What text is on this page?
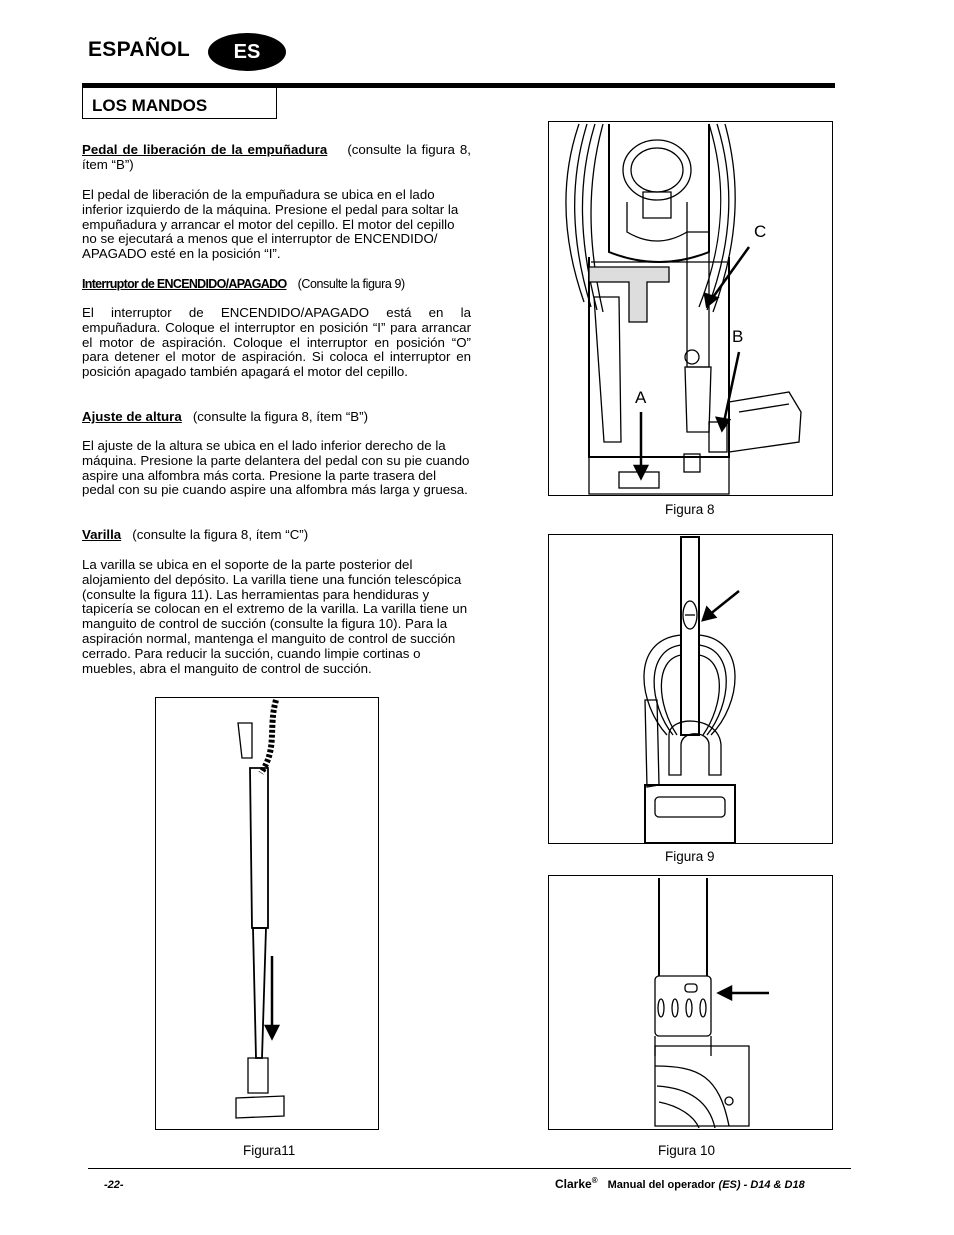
ESPAÑOL	ES
LOS MANDOS

Pedal de liberación de la empuñadura (consulte la figura 8, ítem “B”)

El pedal de liberación de la empuñadura se ubica en el lado inferior izquierdo de la máquina. Presione el pedal para soltar la empuñadura y arrancar el motor del cepillo. El motor del cepillo no se ejecutará a menos que el interruptor de ENCENDIDO/ APAGADO esté en la posición “I”.

Interruptor de ENCENDIDO/APAGADO (Consulte la figura 9)

El interruptor de ENCENDIDO/APAGADO está en la empuñadura. Coloque el interruptor en posición “I” para arrancar el motor de aspiración. Coloque el interruptor en posición “O” para detener el motor de aspiración. Si coloca el interruptor en posición apagado también apagará el motor del cepillo.

Ajuste de altura (consulte la figura 8, ítem “B”)

El ajuste de la altura se ubica en el lado inferior derecho de la máquina. Presione la parte delantera del pedal con su pie cuando aspire una alfombra más corta. Presione la parte trasera del pedal con su pie cuando aspire una alfombra más larga y gruesa.

Varilla (consulte la figura 8, ítem “C”)

La varilla se ubica en el soporte de la parte posterior del alojamiento del depósito. La varilla tiene una función telescópica (consulte la figura 11). Las herramientas para hendiduras y tapicería se colocan en el extremo de la varilla. La varilla tiene un manguito de control de succión (consulte la figura 10). Para la aspiración normal, mantenga el manguito de control de succión cerrado. Para reducir la succión, cuando limpie cortinas o muebles, abra el manguito de control de succión.
C
B
A
Figura 8
Figura 9
Figura 10
Figura11
-22-	Clarke® Manual del operador (ES) - D14 & D18
